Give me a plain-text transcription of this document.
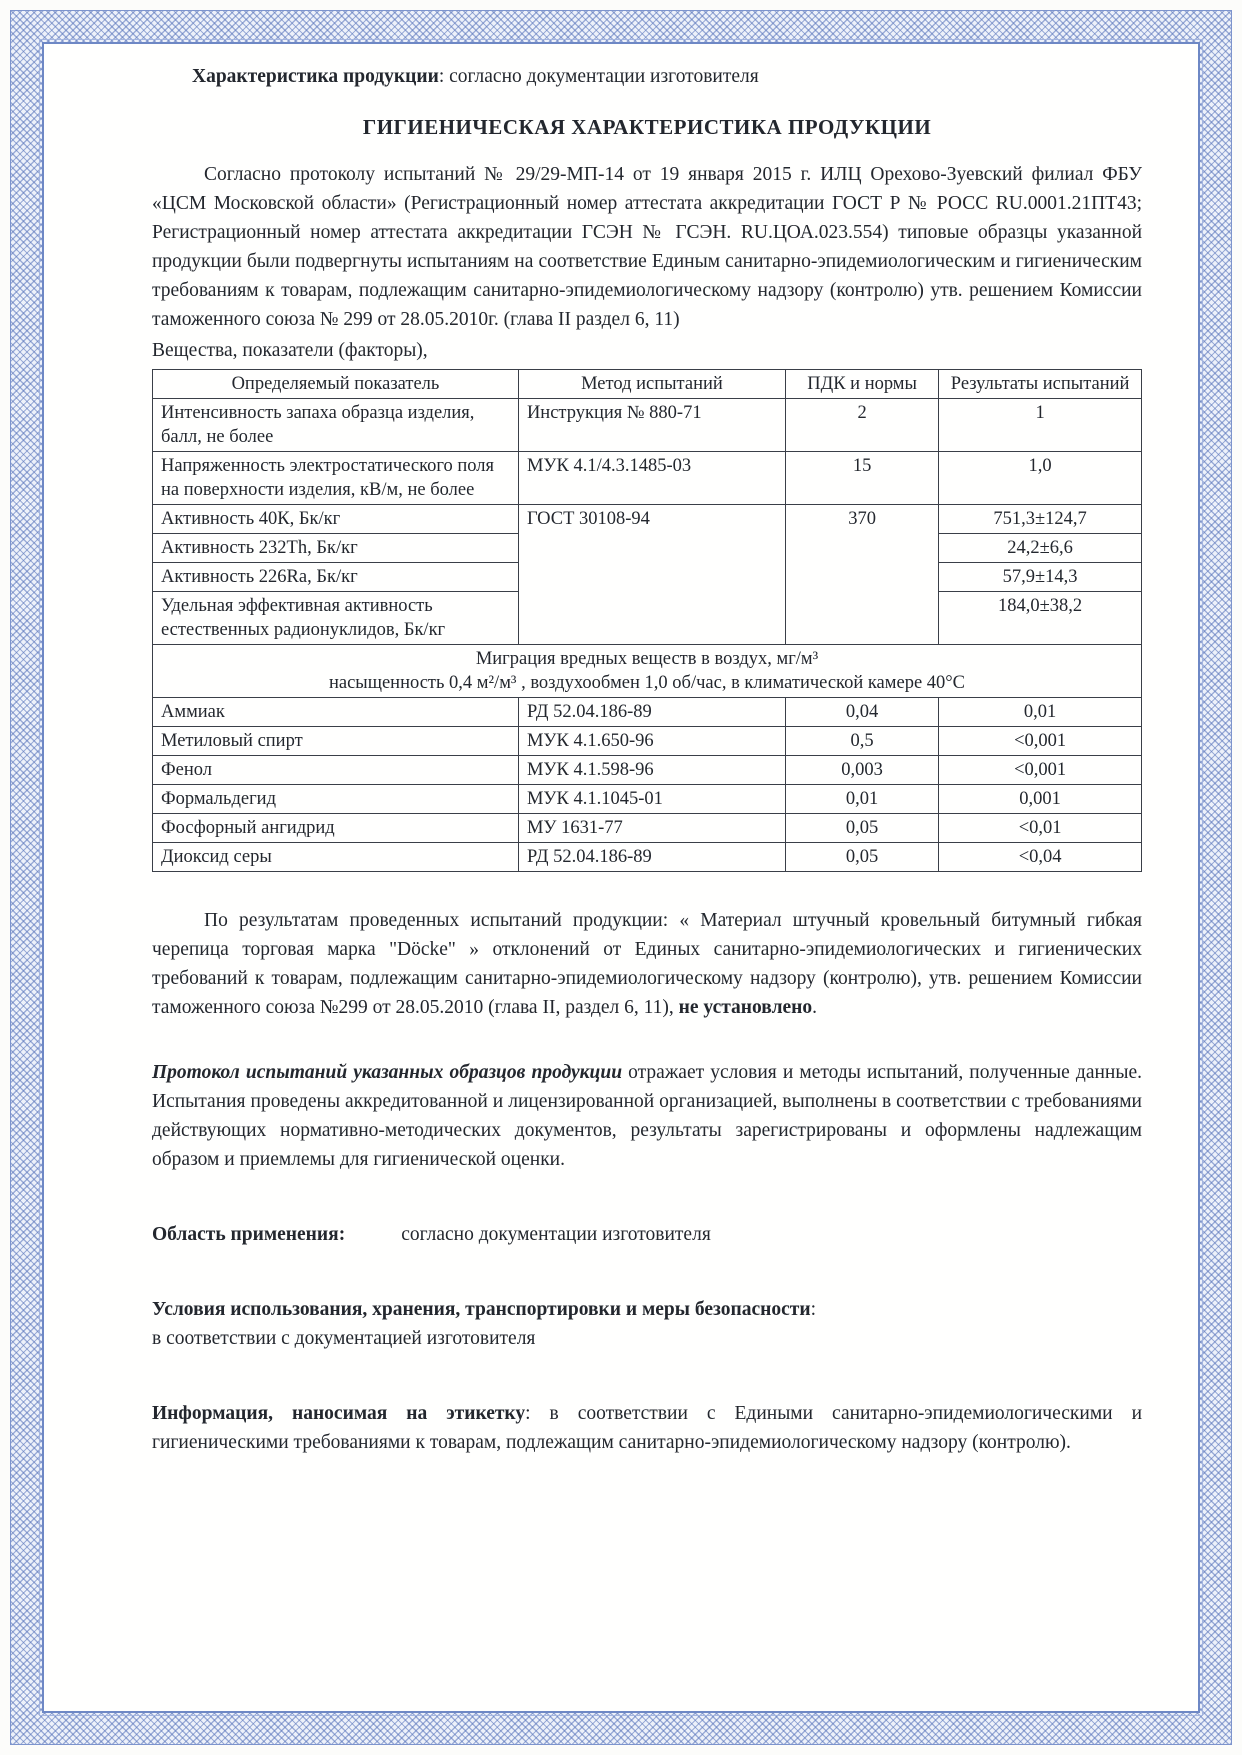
Характеристика продукции: согласно документации изготовителя
ГИГИЕНИЧЕСКАЯ ХАРАКТЕРИСТИКА ПРОДУКЦИИ
Согласно протоколу испытаний № 29/29-МП-14 от 19 января 2015 г. ИЛЦ Орехово-Зуевский филиал ФБУ «ЦСМ Московской области» (Регистрационный номер аттестата аккредитации ГОСТ Р № РОСС RU.0001.21ПТ43; Регистрационный номер аттестата аккредитации ГСЭН № ГСЭН. RU.ЦОА.023.554) типовые образцы указанной продукции были подвергнуты испытаниям на соответствие Единым санитарно-эпидемиологическим и гигиеническим требованиям к товарам, подлежащим санитарно-эпидемиологическому надзору (контролю) утв. решением Комиссии таможенного союза № 299 от 28.05.2010г. (глава II раздел 6, 11)
Вещества, показатели (факторы),
Определяемый показатель	Метод испытаний	ПДК и нормы	Результаты испытаний
Интенсивность запаха образца изделия, балл, не более	Инструкция № 880-71	2	1
Напряженность электростатического поля на поверхности изделия, кВ/м, не более	МУК 4.1/4.3.1485-03	15	1,0
Активность 40К, Бк/кг	ГОСТ 30108-94	370	751,3±124,7
Активность 232Th, Бк/кг			24,2±6,6
Активность 226Ra, Бк/кг			57,9±14,3
Удельная эффективная активность естественных радионуклидов, Бк/кг			184,0±38,2

Миграция вредных веществ в воздух, мг/м³
насыщенность 0,4 м²/м³ , воздухообмен 1,0 об/час, в климатической камере 40°С			

Аммиак	РД 52.04.186-89	0,04	0,01
Метиловый спирт	МУК 4.1.650-96	0,5	<0,001
Фенол	МУК 4.1.598-96	0,003	<0,001
Формальдегид	МУК 4.1.1045-01	0,01	0,001
Фосфорный ангидрид	МУ 1631-77	0,05	<0,01
Диоксид серы	РД 52.04.186-89	0,05	<0,04
По результатам проведенных испытаний продукции: « Материал штучный кровельный битумный гибкая черепица торговая марка "Döcke" » отклонений от Единых санитарно-эпидемиологических и гигиенических требований к товарам, подлежащим санитарно-эпидемиологическому надзору (контролю), утв. решением Комиссии таможенного союза №299 от 28.05.2010 (глава II, раздел 6, 11), не установлено.
Протокол испытаний указанных образцов продукции отражает условия и методы испытаний, полученные данные. Испытания проведены аккредитованной и лицензированной организацией, выполнены в соответствии с требованиями действующих нормативно-методических документов, результаты зарегистрированы и оформлены надлежащим образом и приемлемы для гигиенической оценки.
Область применения:	согласно документации изготовителя
Условия использования, хранения, транспортировки и меры безопасности:
в соответствии с документацией изготовителя
Информация, наносимая на этикетку: в соответствии с Едиными санитарно-эпидемиологическими и гигиеническими требованиями к товарам, подлежащим санитарно-эпидемиологическому надзору (контролю).
